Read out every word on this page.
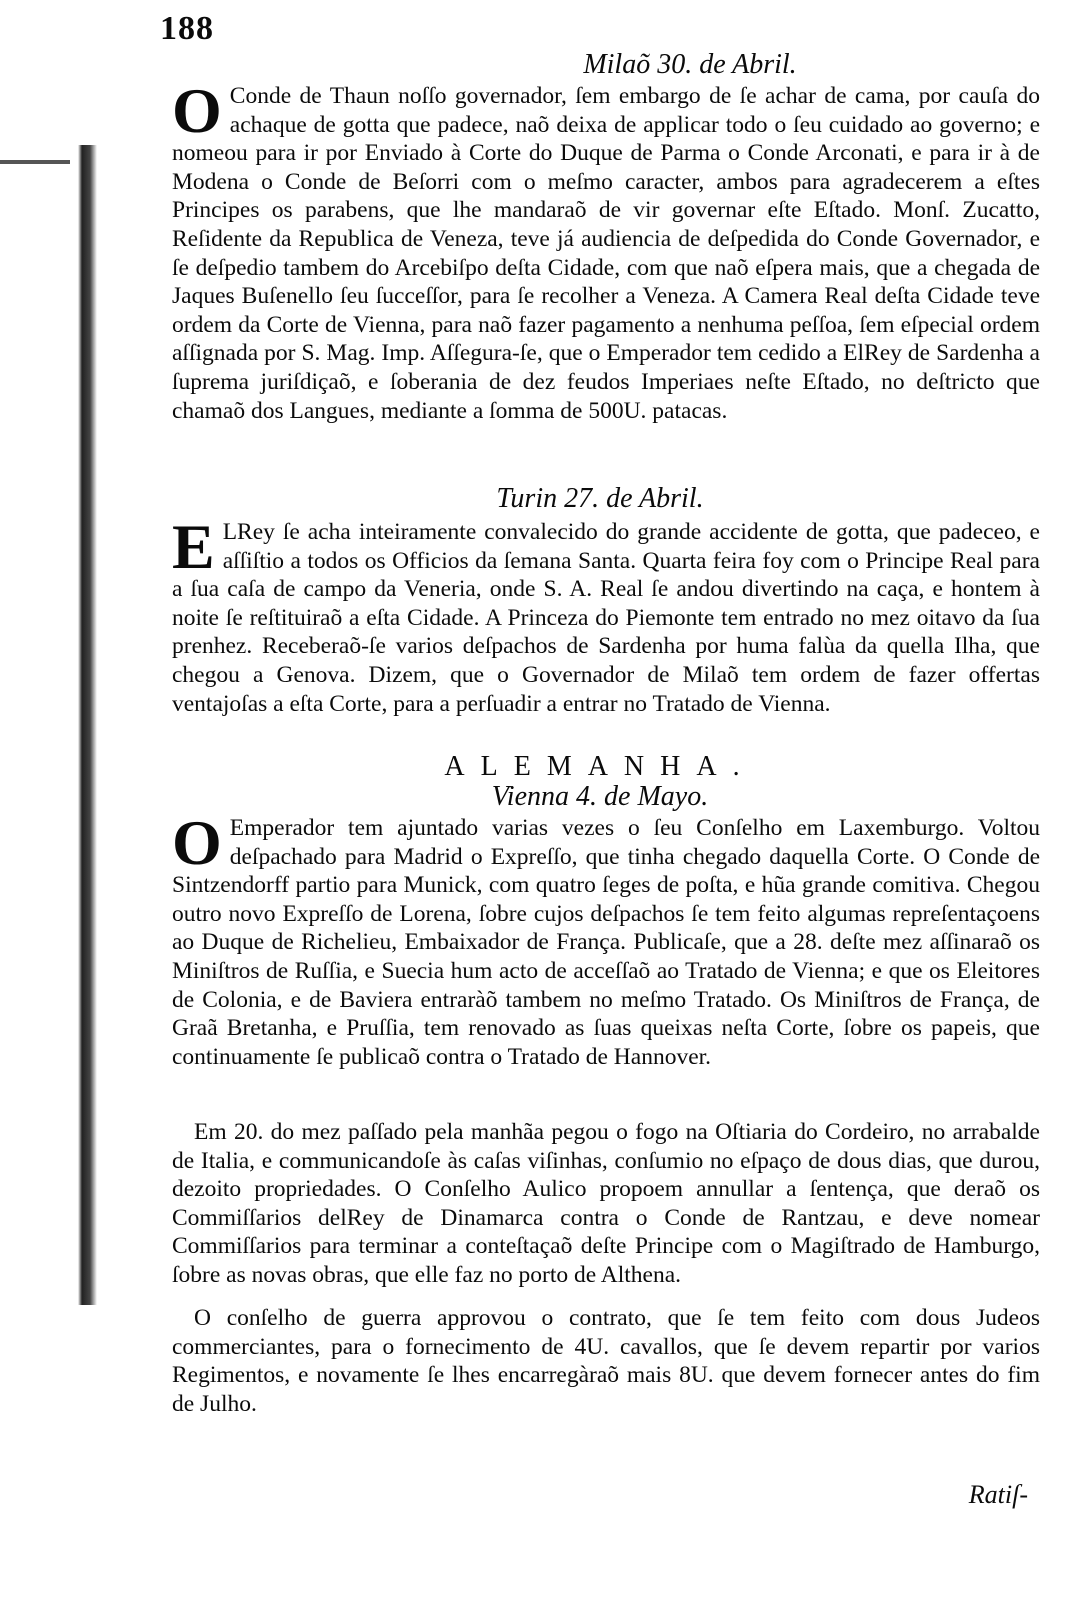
188
Milaõ 30. de Abril.
O Conde de Thaun noſſo governador, ſem embargo de ſe achar de cama, por cauſa do achaque de gotta que padece, naõ deixa de applicar todo o ſeu cuidado ao governo; e nomeou para ir por Enviado à Corte do Duque de Parma o Conde Arconati, e para ir à de Modena o Conde de Beſorri com o meſmo caracter, ambos para agradecerem a eſtes Principes os parabens, que lhe mandaraõ de vir governar eſte Eſtado. Monſ. Zucatto, Reſidente da Republica de Veneza, teve já audiencia de deſpedida do Conde Governador, e ſe deſpedio tambem do Arcebiſpo deſta Cidade, com que naõ eſpera mais, que a chegada de Jaques Buſenello ſeu ſucceſſor, para ſe recolher a Veneza. A Camera Real deſta Cidade teve ordem da Corte de Vienna, para naõ fazer pagamento a nenhuma peſſoa, ſem eſpecial ordem aſſignada por S. Mag. Imp. Aſſegura-ſe, que o Emperador tem cedido a ElRey de Sardenha a ſuprema juriſdiçaõ, e ſoberania de dez feudos Imperiaes neſte Eſtado, no deſtricto que chamaõ dos Langues, mediante a ſomma de 500U. patacas.
Turin 27. de Abril.
E LRey ſe acha inteiramente convalecido do grande accidente de gotta, que padeceo, e aſſiſtio a todos os Officios da ſemana Santa. Quarta feira foy com o Principe Real para a ſua caſa de campo da Veneria, onde S. A. Real ſe andou divertindo na caça, e hontem à noite ſe reſtituiraõ a eſta Cidade. A Princeza do Piemonte tem entrado no mez oitavo da ſua prenhez. Receberaõ-ſe varios deſpachos de Sardenha por huma falùa da quella Ilha, que chegou a Genova. Dizem, que o Governador de Milaõ tem ordem de fazer offertas ventajoſas a eſta Corte, para a perſuadir a entrar no Tratado de Vienna.
ALEMANHA.
Vienna 4. de Mayo.
O Emperador tem ajuntado varias vezes o ſeu Conſelho em Laxemburgo. Voltou deſpachado para Madrid o Expreſſo, que tinha chegado daquella Corte. O Conde de Sintzendorff partio para Munick, com quatro ſeges de poſta, e hũa grande comitiva. Chegou outro novo Expreſſo de Lorena, ſobre cujos deſpachos ſe tem feito algumas repreſentaçoens ao Duque de Richelieu, Embaixador de França. Publicaſe, que a 28. deſte mez aſſinaraõ os Miniſtros de Ruſſia, e Suecia hum acto de acceſſaõ ao Tratado de Vienna; e que os Eleitores de Colonia, e de Baviera entraràõ tambem no meſmo Tratado. Os Miniſtros de França, de Graã Bretanha, e Pruſſia, tem renovado as ſuas queixas neſta Corte, ſobre os papeis, que continuamente ſe publicaõ contra o Tratado de Hannover.
Em 20. do mez paſſado pela manhãa pegou o fogo na Oſtiaria do Cordeiro, no arrabalde de Italia, e communicandoſe às caſas viſinhas, conſumio no eſpaço de dous dias, que durou, dezoito propriedades. O Conſelho Aulico propoem annullar a ſentença, que deraõ os Commiſſarios delRey de Dinamarca contra o Conde de Rantzau, e deve nomear Commiſſarios para terminar a conteſtaçaõ deſte Principe com o Magiſtrado de Hamburgo, ſobre as novas obras, que elle faz no porto de Althena.
O conſelho de guerra approvou o contrato, que ſe tem feito com dous Judeos commerciantes, para o fornecimento de 4U. cavallos, que ſe devem repartir por varios Regimentos, e novamente ſe lhes encarregàraõ mais 8U. que devem fornecer antes do fim de Julho.
Ratiſ-
